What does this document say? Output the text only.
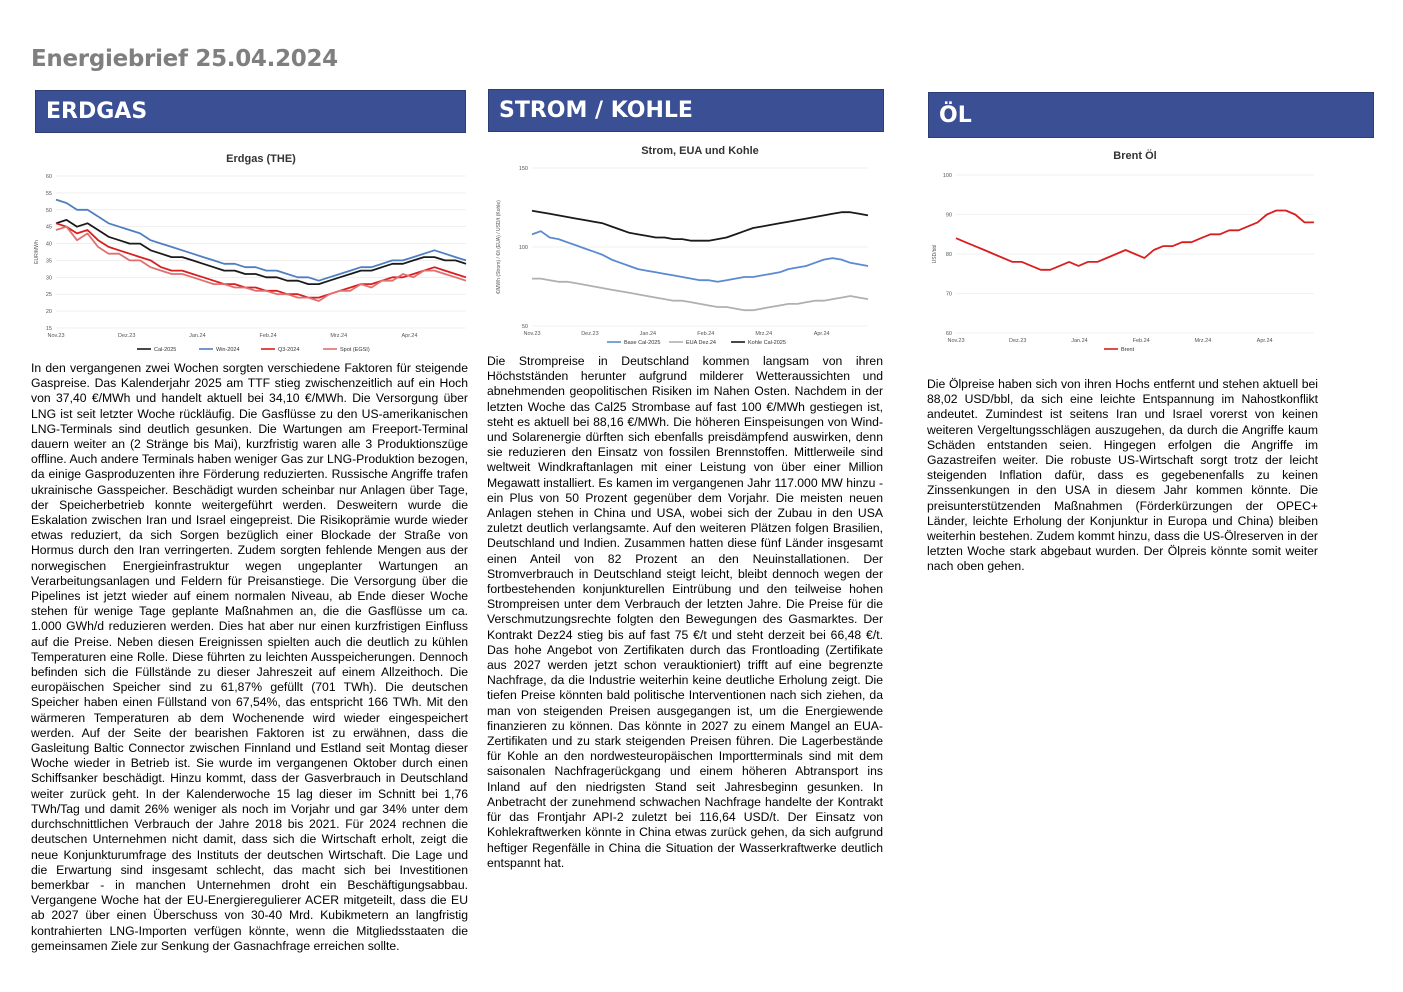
Energiebrief 25.04.2024
ERDGAS	STROM / KOHLE	ÖL
Erdgas (THE)
15
20
25
30
35
40
45
50
55
60
EUR/MWh
Nov.23	Dez.23	Jan.24	Feb.24	Mrz.24	Apr.24
Cal-2025	Win-2024	Q3-2024	Spot (EGSI)
Strom, EUA und Kohle
50
100
150
€/MWh (Strom) / €/t (EUA) / USD/t (Kohle)
Nov.23	Dez.23	Jan.24	Feb.24	Mrz.24	Apr.24
Base Cal-2025	EUA Dez.24	Kohle Cal-2025
Brent Öl
60
70
80
90
100
USD/bbl
Nov.23	Dez.23	Jan.24	Feb.24	Mrz.24	Apr.24
Brent

In den vergangenen zwei Wochen sorgten verschiedene Faktoren für steigende Gaspreise. Das Kalenderjahr 2025 am TTF stieg zwischenzeitlich auf ein Hoch von 37,40 €/MWh und handelt aktuell bei 34,10 €/MWh. Die Versorgung über LNG ist seit letzter Woche rückläufig. Die Gasflüsse zu den US-amerikanischen LNG-Terminals sind deutlich gesunken. Die Wartungen am Freeport-Terminal dauern weiter an (2 Stränge bis Mai), kurzfristig waren alle 3 Produktionszüge offline. Auch andere Terminals haben weniger Gas zur LNG-Produktion bezogen, da einige Gasproduzenten ihre Förderung reduzierten. Russische Angriffe trafen ukrainische Gasspeicher. Beschädigt wurden scheinbar nur Anlagen über Tage, der Speicherbetrieb konnte weitergeführt werden. Desweitern wurde die Eskalation zwischen Iran und Israel eingepreist. Die Risikoprämie wurde wieder etwas reduziert, da sich Sorgen bezüglich einer Blockade der Straße von Hormus durch den Iran verringerten. Zudem sorgten fehlende Mengen aus der norwegischen Energieinfrastruktur wegen ungeplanter Wartungen an Verarbeitungsanlagen und Feldern für Preisanstiege. Die Versorgung über die Pipelines ist jetzt wieder auf einem normalen Niveau, ab Ende dieser Woche stehen für wenige Tage geplante Maßnahmen an, die die Gasflüsse um ca. 1.000 GWh/d reduzieren werden. Dies hat aber nur einen kurzfristigen Einfluss auf die Preise. Neben diesen Ereignissen spielten auch die deutlich zu kühlen Temperaturen eine Rolle. Diese führten zu leichten Ausspeicherungen. Dennoch befinden sich die Füllstände zu dieser Jahreszeit auf einem Allzeithoch. Die europäischen Speicher sind zu 61,87% gefüllt (701 TWh). Die deutschen Speicher haben einen Füllstand von 67,54%, das entspricht 166 TWh. Mit den wärmeren Temperaturen ab dem Wochenende wird wieder eingespeichert werden. Auf der Seite der bearishen Faktoren ist zu erwähnen, dass die Gasleitung Baltic Connector zwischen Finnland und Estland seit Montag dieser Woche wieder in Betrieb ist. Sie wurde im vergangenen Oktober durch einen Schiffsanker beschädigt. Hinzu kommt, dass der Gasverbrauch in Deutschland weiter zurück geht. In der Kalenderwoche 15 lag dieser im Schnitt bei 1,76 TWh/Tag und damit 26% weniger als noch im Vorjahr und gar 34% unter dem durchschnittlichen Verbrauch der Jahre 2018 bis 2021. Für 2024 rechnen die deutschen Unternehmen nicht damit, dass sich die Wirtschaft erholt, zeigt die neue Konjunkturumfrage des Instituts der deutschen Wirtschaft. Die Lage und die Erwartung sind insgesamt schlecht, das macht sich bei Investitionen bemerkbar - in manchen Unternehmen droht ein Beschäftigungsabbau. Vergangene Woche hat der EU-Energieregulierer ACER mitgeteilt, dass die EU ab 2027 über einen Überschuss von 30-40 Mrd. Kubikmetern an langfristig kontrahierten LNG-Importen verfügen könnte, wenn die Mitgliedsstaaten die gemeinsamen Ziele zur Senkung der Gasnachfrage erreichen sollte.

Die Strompreise in Deutschland kommen langsam von ihren Höchstständen herunter aufgrund milderer Wetteraussichten und abnehmenden geopolitischen Risiken im Nahen Osten. Nachdem in der letzten Woche das Cal25 Strombase auf fast 100 €/MWh gestiegen ist, steht es aktuell bei 88,16 €/MWh. Die höheren Einspeisungen von Wind- und Solarenergie dürften sich ebenfalls preisdämpfend auswirken, denn sie reduzieren den Einsatz von fossilen Brennstoffen. Mittlerweile sind weltweit Windkraftanlagen mit einer Leistung von über einer Million Megawatt installiert. Es kamen im vergangenen Jahr 117.000 MW hinzu - ein Plus von 50 Prozent gegenüber dem Vorjahr. Die meisten neuen Anlagen stehen in China und USA, wobei sich der Zubau in den USA zuletzt deutlich verlangsamte. Auf den weiteren Plätzen folgen Brasilien, Deutschland und Indien. Zusammen hatten diese fünf Länder insgesamt einen Anteil von 82 Prozent an den Neuinstallationen. Der Stromverbrauch in Deutschland steigt leicht, bleibt dennoch wegen der fortbestehenden konjunkturellen Eintrübung und den teilweise hohen Strompreisen unter dem Verbrauch der letzten Jahre. Die Preise für die Verschmutzungsrechte folgten den Bewegungen des Gasmarktes. Der Kontrakt Dez24 stieg bis auf fast 75 €/t und steht derzeit bei 66,48 €/t. Das hohe Angebot von Zertifikaten durch das Frontloading (Zertifikate aus 2027 werden jetzt schon verauktioniert) trifft auf eine begrenzte Nachfrage, da die Industrie weiterhin keine deutliche Erholung zeigt. Die tiefen Preise könnten bald politische Interventionen nach sich ziehen, da man von steigenden Preisen ausgegangen ist, um die Energiewende finanzieren zu können. Das könnte in 2027 zu einem Mangel an EUA-Zertifikaten und zu stark steigenden Preisen führen. Die Lagerbestände für Kohle an den nordwesteuropäischen Importterminals sind mit dem saisonalen Nachfragerückgang und einem höheren Abtransport ins Inland auf den niedrigsten Stand seit Jahresbeginn gesunken. In Anbetracht der zunehmend schwachen Nachfrage handelte der Kontrakt für das Frontjahr API-2 zuletzt bei 116,64 USD/t. Der Einsatz von Kohlekraftwerken könnte in China etwas zurück gehen, da sich aufgrund heftiger Regenfälle in China die Situation der Wasserkraftwerke deutlich entspannt hat.

Die Ölpreise haben sich von ihren Hochs entfernt und stehen aktuell bei 88,02 USD/bbl, da sich eine leichte Entspannung im Nahostkonflikt andeutet. Zumindest ist seitens Iran und Israel vorerst von keinen weiteren Vergeltungsschlägen auszugehen, da durch die Angriffe kaum Schäden entstanden seien. Hingegen erfolgen die Angriffe im Gazastreifen weiter. Die robuste US-Wirtschaft sorgt trotz der leicht steigenden Inflation dafür, dass es gegebenenfalls zu keinen Zinssenkungen in den USA in diesem Jahr kommen könnte. Die preisunterstützenden Maßnahmen (Förderkürzungen der OPEC+ Länder, leichte Erholung der Konjunktur in Europa und China) bleiben weiterhin bestehen. Zudem kommt hinzu, dass die US-Ölreserven in der letzten Woche stark abgebaut wurden. Der Ölpreis könnte somit weiter nach oben gehen.
